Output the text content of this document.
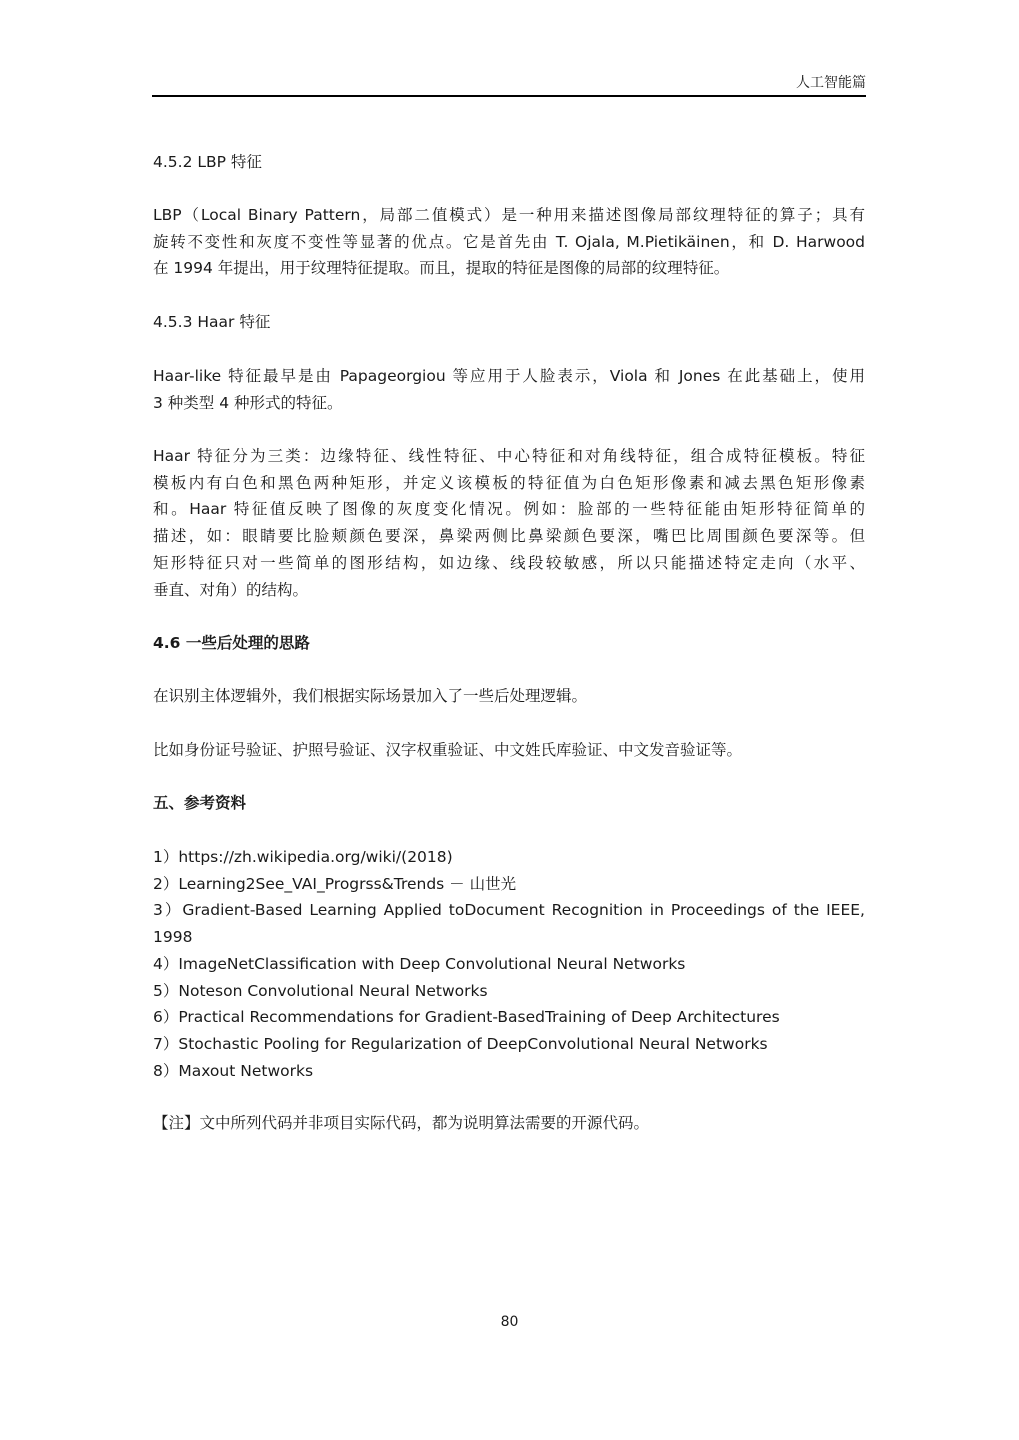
人工智能篇
4.5.2 LBP 特征
LBP（Local Binary Pattern，局部二值模式）是一种用来描述图像局部纹理特征的算子；具有
旋转不变性和灰度不变性等显著的优点。它是首先由 T. Ojala, M.Pietikäinen，和 D. Harwood
在 1994 年提出，用于纹理特征提取。而且，提取的特征是图像的局部的纹理特征。
4.5.3 Haar 特征
Haar-like 特征最早是由 Papageorgiou 等应用于人脸表示，Viola 和 Jones 在此基础上，使用
3 种类型 4 种形式的特征。
Haar 特征分为三类：边缘特征、线性特征、中心特征和对角线特征，组合成特征模板。特征
模板内有白色和黑色两种矩形，并定义该模板的特征值为白色矩形像素和减去黑色矩形像素
和。Haar 特征值反映了图像的灰度变化情况。例如：脸部的一些特征能由矩形特征简单的
描述，如：眼睛要比脸颊颜色要深，鼻梁两侧比鼻梁颜色要深，嘴巴比周围颜色要深等。但
矩形特征只对一些简单的图形结构，如边缘、线段较敏感，所以只能描述特定走向（水平、
垂直、对角）的结构。
4.6 一些后处理的思路
在识别主体逻辑外，我们根据实际场景加入了一些后处理逻辑。
比如身份证号验证、护照号验证、汉字权重验证、中文姓氏库验证、中文发音验证等。
五、参考资料
1）https://zh.wikipedia.org/wiki/(2018)
2）Learning2See_VAI_Progrss&Trends － 山世光
3）Gradient-Based Learning Applied toDocument Recognition in Proceedings of the IEEE,
1998
4）ImageNetClassification with Deep Convolutional Neural Networks
5）Noteson Convolutional Neural Networks
6）Practical Recommendations for Gradient-BasedTraining of Deep Architectures
7）Stochastic Pooling for Regularization of DeepConvolutional Neural Networks
8）Maxout Networks
【注】文中所列代码并非项目实际代码，都为说明算法需要的开源代码。
80
